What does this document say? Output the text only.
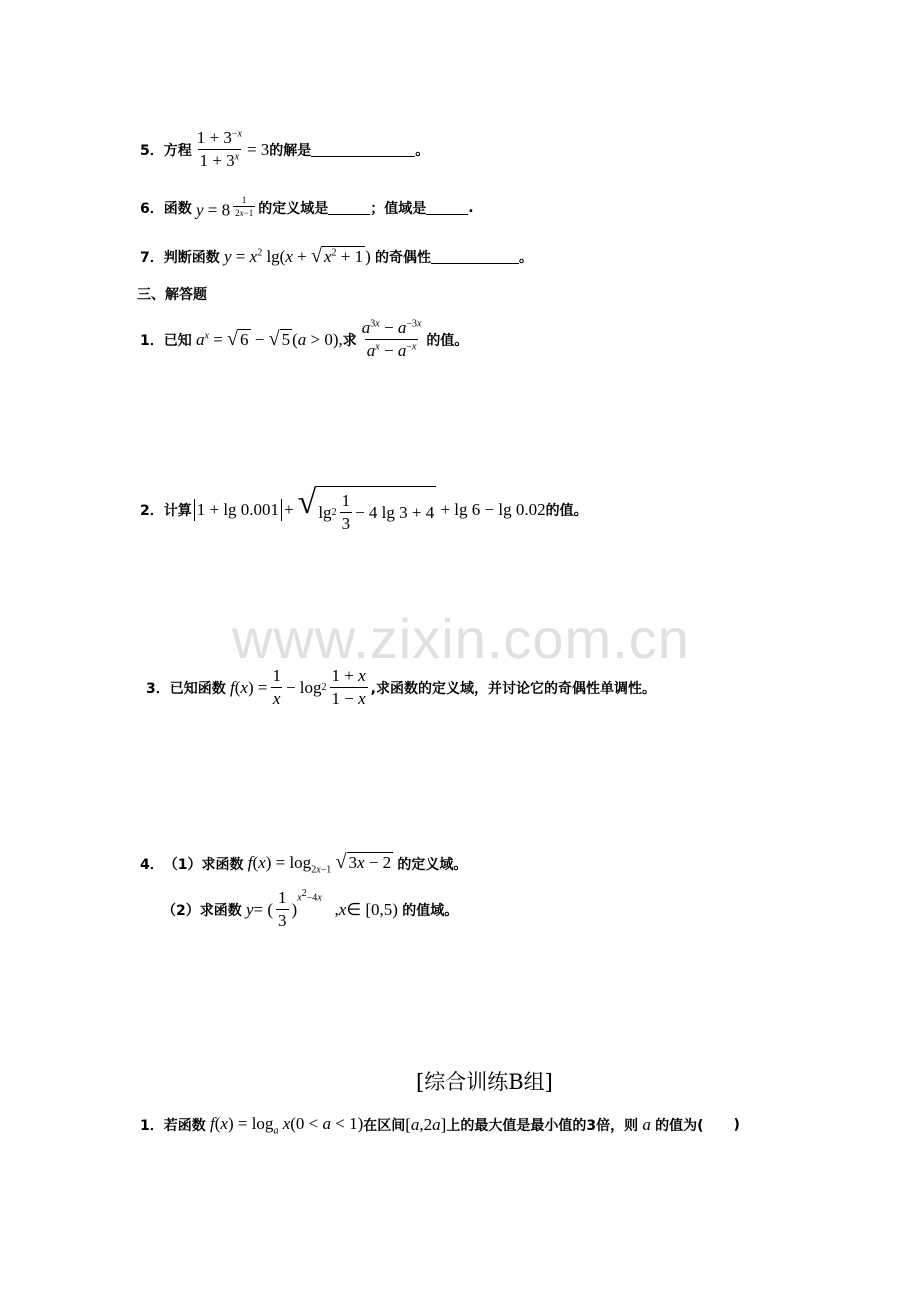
www.zixin.com.cn
5． 方程 $\frac{1 + 3^{-x}}{1 + 3^x} = 3$ 的解是	。
6． 函数 y = 8 $^{\frac{1}{2x-1}}$ 的定义域是	；值域是	.
7． 判断函数 $y = x^2$ lg(x + √ $x^2 + 1$ ) 的奇偶性	。
三、解答题
1． 已知 $a^x$ = √ 6 − √ 5 (a > 0), 求 $\frac{a^{3x} - a^{-3x}}{a^x - a^{-x}}$ 的值。
2． 计算 1 + lg 0.001
+ √ $\lg 2 \frac{1}{3} - 4$ lg 3 + 4 + lg 6 − lg 0.02 的值。
3． 已知函数
f ( x ) = $\frac{1}{x} - \log 2 \frac{1 + x}{1 - x}$ ,求函数的定义域，并讨论它的奇偶性单调性。
4． （1）求函数 $f(x) = \log_{2x-1}$ √ 3x − 2
的定义域。
（2）求函数
y = ( $\frac{1}{3}$ )
$^{x^2-4x}$
, x ∈ [0,5) 的值域。
[综合训练B组]
1． 若函数 $f(x) = \log_a x(0 < a < 1)$ 在区间 [a,2a] 上的最大值是最小值的3倍，则 a 的值为( )
